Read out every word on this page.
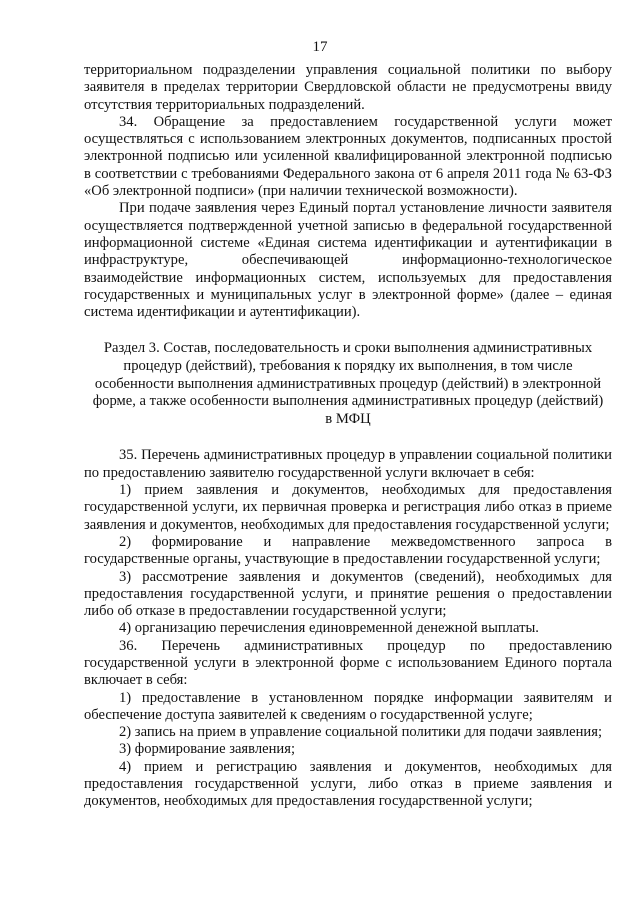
17

территориальном подразделении управления социальной политики по выбору заявителя в пределах территории Свердловской области не предусмотрены ввиду отсутствия территориальных подразделений.

34. Обращение за предоставлением государственной услуги может осуществляться с использованием электронных документов, подписанных простой электронной подписью или усиленной квалифицированной электронной подписью в соответствии с требованиями Федерального закона от 6 апреля 2011 года № 63-ФЗ «Об электронной подписи» (при наличии технической возможности).

При подаче заявления через Единый портал установление личности заявителя осуществляется подтвержденной учетной записью в федеральной государственной информационной системе «Единая система идентификации и аутентификации в инфраструктуре, обеспечивающей информационно-технологическое взаимодействие информационных систем, используемых для предоставления государственных и муниципальных услуг в электронной форме» (далее – единая система идентификации и аутентификации).

Раздел 3. Состав, последовательность и сроки выполнения административных процедур (действий), требования к порядку их выполнения, в том числе особенности выполнения административных процедур (действий) в электронной форме, а также особенности выполнения административных процедур (действий) в МФЦ

35. Перечень административных процедур в управлении социальной политики по предоставлению заявителю государственной услуги включает в себя:

1) прием заявления и документов, необходимых для предоставления государственной услуги, их первичная проверка и регистрация либо отказ в приеме заявления и документов, необходимых для предоставления государственной услуги;

2) формирование и направление межведомственного запроса в государственные органы, участвующие в предоставлении государственной услуги;

3) рассмотрение заявления и документов (сведений), необходимых для предоставления государственной услуги, и принятие решения о предоставлении либо об отказе в предоставлении государственной услуги;

4) организацию перечисления единовременной денежной выплаты.

36. Перечень административных процедур по предоставлению государственной услуги в электронной форме с использованием Единого портала включает в себя:

1) предоставление в установленном порядке информации заявителям и обеспечение доступа заявителей к сведениям о государственной услуге;

2) запись на прием в управление социальной политики для подачи заявления;

3) формирование заявления;

4) прием и регистрацию заявления и документов, необходимых для предоставления государственной услуги, либо отказ в приеме заявления и документов, необходимых для предоставления государственной услуги;
